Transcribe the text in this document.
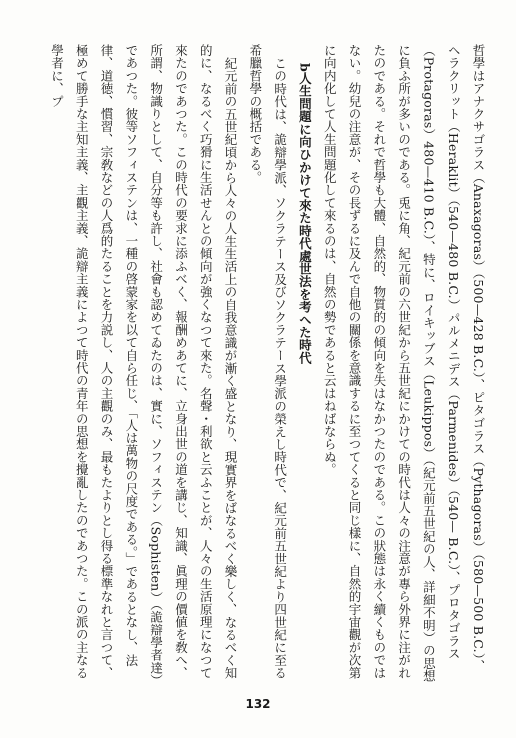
哲學はアナクサゴラス（Anaxagoras）（500—428 B.C.）、ピタゴラス（Pythagoras）（580—500 B.C.）、ヘラクリット（Heraklit）（540—480 B.C.）パルメニデス（Parmenides）（540— B.C.）、プロタゴラス（Protagoras）480—410 B.C.）、特に、ロイキッブス（Leukippos）（紀元前五世紀の人、詳細不明）の思想に負ふ所が多いのである。兎に角、紀元前の六世紀から五世紀にかけての時代は人々の注意が專ら外界に注がれたのである。それで哲學も大體、自然的、物質的の傾向を失はなかつたのである。この狀態は永く續くものではない。幼兒の注意が、その長ずるに及んで自他の關係を意識するに至つてくると同じ樣に、自然的宇宙觀が次第に向内化して人生問題化して來るのは、自然の勢であると云はねばならぬ。

b人生問題に向ひかけて來た時代處世法を考へた時代

この時代は、詭辯學派、ソクラテース及びソクラテース學派の榮えし時代で、紀元前五世紀より四世紀に至る希臘哲學の概括である。

紀元前の五世紀頃から人々の人生生活上の自我意識が漸く盛となり、現實界をばなるべく樂しく、なるべく知的に、なるべく巧猾に生活せんとの傾向が強くなつて來た。名聲・利欲と云ふことが、人々の生活原理になつて來たのであつた。この時代の要求に添ふべく、報酬めあてに、立身出世の道を講じ、知識、眞理の價値を敎へ、所謂、物識りとして、自分等も許し、社會も認めてゐたのは、實に、ソフィステン（Sophisten）（詭辯學者達）であつた。彼等ソフィステンは、一種の啓蒙家を以て自ら任じ、「人は萬物の尺度である。」であるとなし、法律、道徳、慣習、宗敎などの人爲的たることを力説し、人の主觀のみ、最もたよりとし得る標準なれと言つて、極めて勝手な主知主義、主觀主義、詭辯主義によつて時代の青年の思想を攪亂したのであつた。この派の主なる學者に、プ

132
